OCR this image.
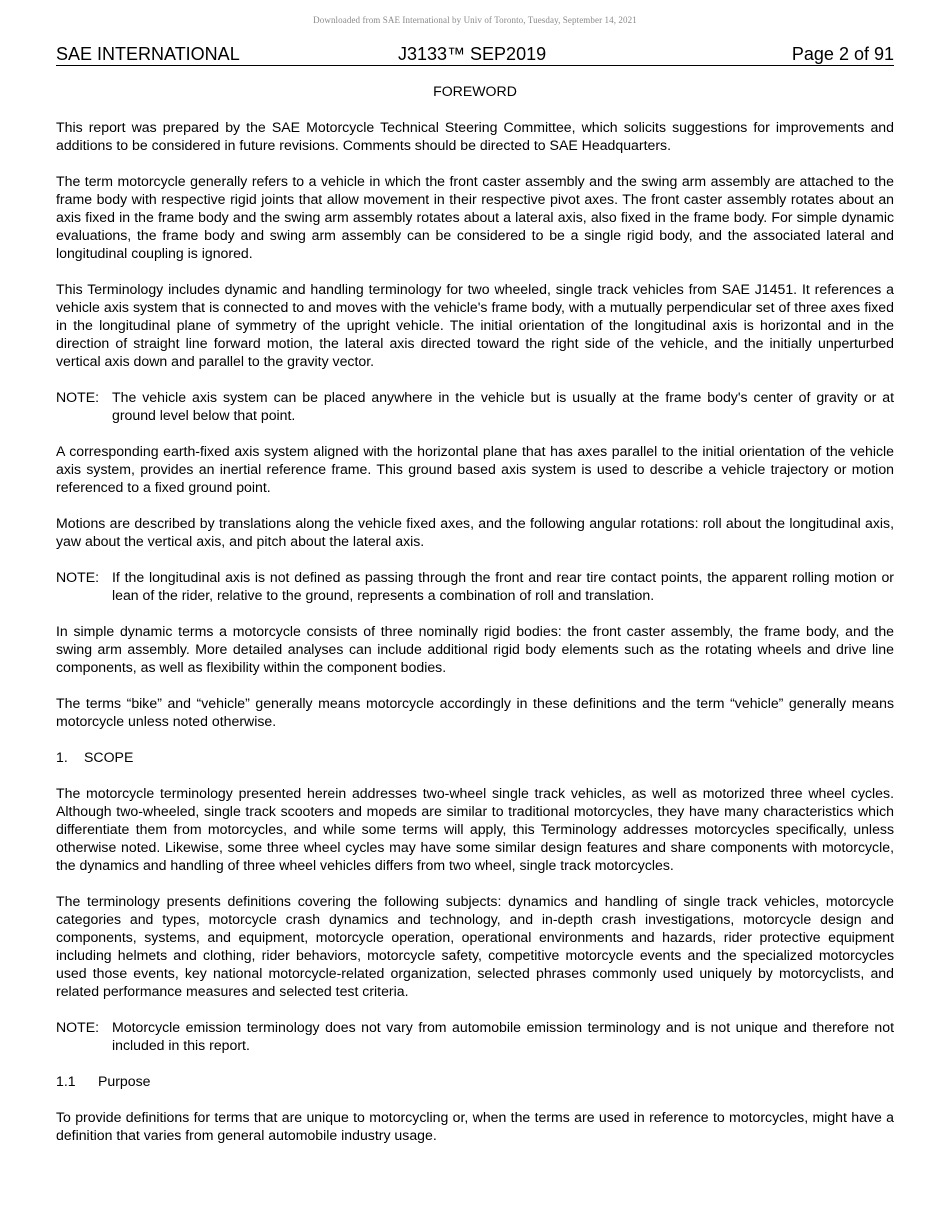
Downloaded from SAE International by Univ of Toronto, Tuesday, September 14, 2021
SAE INTERNATIONAL	J3133™ SEP2019	Page 2 of 91
FOREWORD

This report was prepared by the SAE Motorcycle Technical Steering Committee, which solicits suggestions for improvements and additions to be considered in future revisions. Comments should be directed to SAE Headquarters.

The term motorcycle generally refers to a vehicle in which the front caster assembly and the swing arm assembly are attached to the frame body with respective rigid joints that allow movement in their respective pivot axes. The front caster assembly rotates about an axis fixed in the frame body and the swing arm assembly rotates about a lateral axis, also fixed in the frame body. For simple dynamic evaluations, the frame body and swing arm assembly can be considered to be a single rigid body, and the associated lateral and longitudinal coupling is ignored.

This Terminology includes dynamic and handling terminology for two wheeled, single track vehicles from SAE J1451. It references a vehicle axis system that is connected to and moves with the vehicle's frame body, with a mutually perpendicular set of three axes fixed in the longitudinal plane of symmetry of the upright vehicle. The initial orientation of the longitudinal axis is horizontal and in the direction of straight line forward motion, the lateral axis directed toward the right side of the vehicle, and the initially unperturbed vertical axis down and parallel to the gravity vector.

NOTE: The vehicle axis system can be placed anywhere in the vehicle but is usually at the frame body's center of gravity or at ground level below that point.

A corresponding earth-fixed axis system aligned with the horizontal plane that has axes parallel to the initial orientation of the vehicle axis system, provides an inertial reference frame. This ground based axis system is used to describe a vehicle trajectory or motion referenced to a fixed ground point.

Motions are described by translations along the vehicle fixed axes, and the following angular rotations: roll about the longitudinal axis, yaw about the vertical axis, and pitch about the lateral axis.

NOTE: If the longitudinal axis is not defined as passing through the front and rear tire contact points, the apparent rolling motion or lean of the rider, relative to the ground, represents a combination of roll and translation.

In simple dynamic terms a motorcycle consists of three nominally rigid bodies: the front caster assembly, the frame body, and the swing arm assembly. More detailed analyses can include additional rigid body elements such as the rotating wheels and drive line components, as well as flexibility within the component bodies.

The terms “bike” and “vehicle” generally means motorcycle accordingly in these definitions and the term “vehicle” generally means motorcycle unless noted otherwise.

1.	SCOPE

The motorcycle terminology presented herein addresses two-wheel single track vehicles, as well as motorized three wheel cycles. Although two-wheeled, single track scooters and mopeds are similar to traditional motorcycles, they have many characteristics which differentiate them from motorcycles, and while some terms will apply, this Terminology addresses motorcycles specifically, unless otherwise noted. Likewise, some three wheel cycles may have some similar design features and share components with motorcycle, the dynamics and handling of three wheel vehicles differs from two wheel, single track motorcycles.

The terminology presents definitions covering the following subjects: dynamics and handling of single track vehicles, motorcycle categories and types, motorcycle crash dynamics and technology, and in-depth crash investigations, motorcycle design and components, systems, and equipment, motorcycle operation, operational environments and hazards, rider protective equipment including helmets and clothing, rider behaviors, motorcycle safety, competitive motorcycle events and the specialized motorcycles used those events, key national motorcycle-related organization, selected phrases commonly used uniquely by motorcyclists, and related performance measures and selected test criteria.

NOTE: Motorcycle emission terminology does not vary from automobile emission terminology and is not unique and therefore not included in this report.
1.1	Purpose

To provide definitions for terms that are unique to motorcycling or, when the terms are used in reference to motorcycles, might have a definition that varies from general automobile industry usage.
